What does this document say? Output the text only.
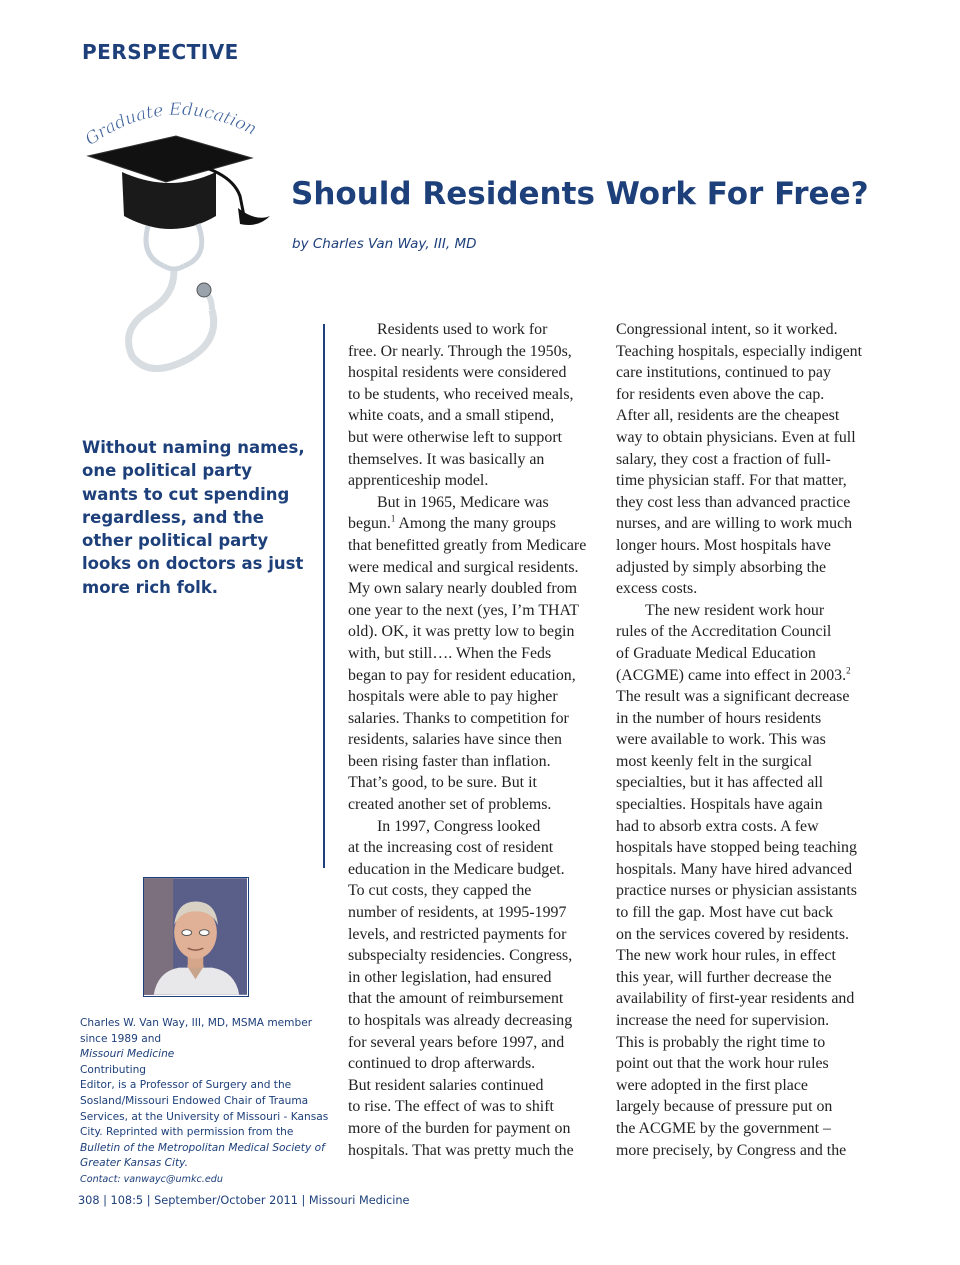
PERSPECTIVE
Graduate Education
Should Residents Work For Free?
by Charles Van Way, III, MD
Without naming names,
one political party
wants to cut spending
regardless, and the
other political party
looks on doctors as just
more rich folk.
Residents used to work for
free. Or nearly. Through the 1950s,
hospital residents were considered
to be students, who received meals,
white coats, and a small stipend,
but were otherwise left to support
themselves. It was basically an
apprenticeship model.
But in 1965, Medicare was
begun.$^1$ Among the many groups
that benefitted greatly from Medicare
were medical and surgical residents.
My own salary nearly doubled from
one year to the next (yes, I’m THAT
old). OK, it was pretty low to begin
with, but still…. When the Feds
began to pay for resident education,
hospitals were able to pay higher
salaries. Thanks to competition for
residents, salaries have since then
been rising faster than inflation.
That’s good, to be sure. But it
created another set of problems.
In 1997, Congress looked
at the increasing cost of resident
education in the Medicare budget.
To cut costs, they capped the
number of residents, at 1995-1997
levels, and restricted payments for
subspecialty residencies. Congress,
in other legislation, had ensured
that the amount of reimbursement
to hospitals was already decreasing
for several years before 1997, and
continued to drop afterwards.
But resident salaries continued
to rise. The effect of was to shift
more of the burden for payment on
hospitals. That was pretty much the
Congressional intent, so it worked.
Teaching hospitals, especially indigent
care institutions, continued to pay
for residents even above the cap.
After all, residents are the cheapest
way to obtain physicians. Even at full
salary, they cost a fraction of full-
time physician staff. For that matter,
they cost less than advanced practice
nurses, and are willing to work much
longer hours. Most hospitals have
adjusted by simply absorbing the
excess costs.
The new resident work hour
rules of the Accreditation Council
of Graduate Medical Education
(ACGME) came into effect in 2003.$^2$
The result was a significant decrease
in the number of hours residents
were available to work. This was
most keenly felt in the surgical
specialties, but it has affected all
specialties. Hospitals have again
had to absorb extra costs. A few
hospitals have stopped being teaching
hospitals. Many have hired advanced
practice nurses or physician assistants
to fill the gap. Most have cut back
on the services covered by residents.
The new work hour rules, in effect
this year, will further decrease the
availability of first-year residents and
increase the need for supervision.
This is probably the right time to
point out that the work hour rules
were adopted in the first place
largely because of pressure put on
the ACGME by the government –
more precisely, by Congress and the
Charles W. Van Way, III, MD, MSMA member
since 1989 and
Missouri Medicine
Contributing
Editor, is a Professor of Surgery and the
Sosland/Missouri Endowed Chair of Trauma
Services, at the University of Missouri - Kansas
City. Reprinted with permission from the
Bulletin of the Metropolitan Medical Society of
Greater Kansas City.
Contact: vanwayc@umkc.edu
308 | 108:5 | September/October 2011 | Missouri Medicine
